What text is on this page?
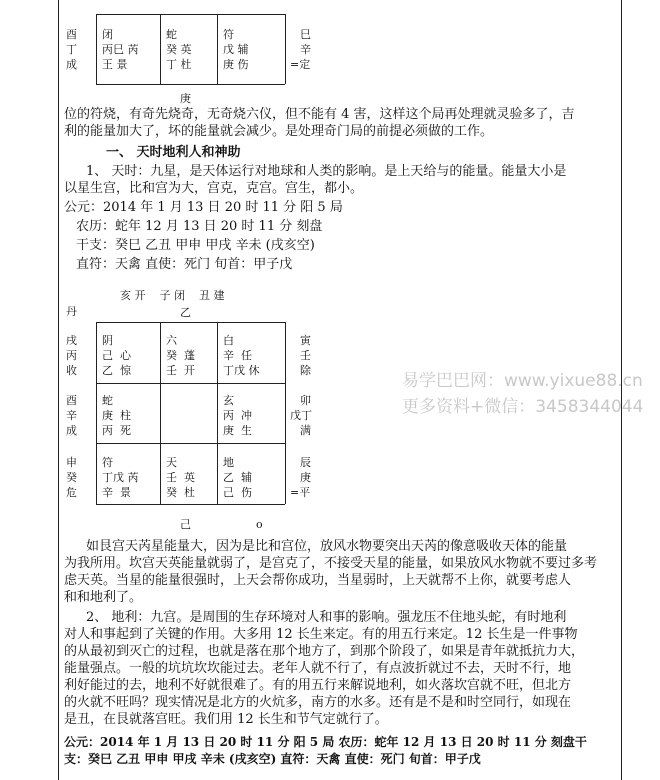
酉
丁
成
闭
丙巳 芮
王 景
蛇
癸 英
丁 杜
符
戊 辅
庚 伤
巳
辛
=定
庚
位的符烧，有奇先烧奇，无奇烧六仪，但不能有 4 害，这样这个局再处理就灵验多了，吉
利的能量加大了，坏的能量就会减少。是处理奇门局的前提必须做的工作。
一、 天时地利人和神助
1、 天时：九星，是天体运行对地球和人类的影响。是上天给与的能量。能量大小是
以星生宫，比和宫为大，宫克，克宫。宫生，都小。
公元：2014 年 1 月 13 日 20 时 11 分 阳 5 局
农历：蛇年 12 月 13 日 20 时 11 分 刻盘
干支：癸巳 乙丑 甲申 甲戌 辛未 (戌亥空)
直符：天禽 直使：死门 旬首：甲子戊
亥 开    子 闭    丑 建
丹	乙
戌
丙
收
酉
辛
成
申
癸
危
阴
己  心
乙  惊
六
癸  蓬
壬  开
白
辛  任
丁戊 休
蛇
庚  柱
丙  死
玄
丙  冲
庚  生
符
丁戊 芮
辛  景
天
壬  英
癸  杜
地
乙  辅
己  伤
寅
壬
除
卯
戊丁
满
辰
庚
=平
己	o
易学巴巴网：www.yixue88.cn
更多资料+微信：3458344044
如艮宫天芮星能量大，因为是比和宫位，放风水物要突出天芮的像意吸收天体的能量
为我所用。坎宫天英能量就弱了，是宫克了，不接受天星的能量，如果放风水物就不要过多考
虑天英。当星的能量很强时，上天会帮你成功，当星弱时，上天就帮不上你，就要考虑人
和和地利了。
2、 地利：九宫。是周围的生存环境对人和事的影响。强龙压不住地头蛇，有时地利
对人和事起到了关键的作用。大多用 12 长生来定。有的用五行来定。12 长生是一件事物
的从最初到灭亡的过程，也就是落在那个地方了，到那个阶段了，如果是青年就抵抗力大，
能量强点。一般的坑坑坎坎能过去。老年人就不行了，有点波折就过不去，天时不行，地
利好能过的去，地利不好就很难了。有的用五行来解说地利，如火落坎宫就不旺，但北方
的火就不旺吗？现实情况是北方的火炕多，南方的水多。还有是不是和时空同行，如现在
是丑，在艮就落宫旺。我们用 12 长生和节气定就行了。
公元：2014 年 1 月 13 日 20 时 11 分 阳 5 局 农历：蛇年 12 月 13 日 20 时 11 分 刻盘干
支：癸巳 乙丑 甲申 甲戌 辛未 (戌亥空) 直符：天禽 直使：死门 旬首：甲子戊
